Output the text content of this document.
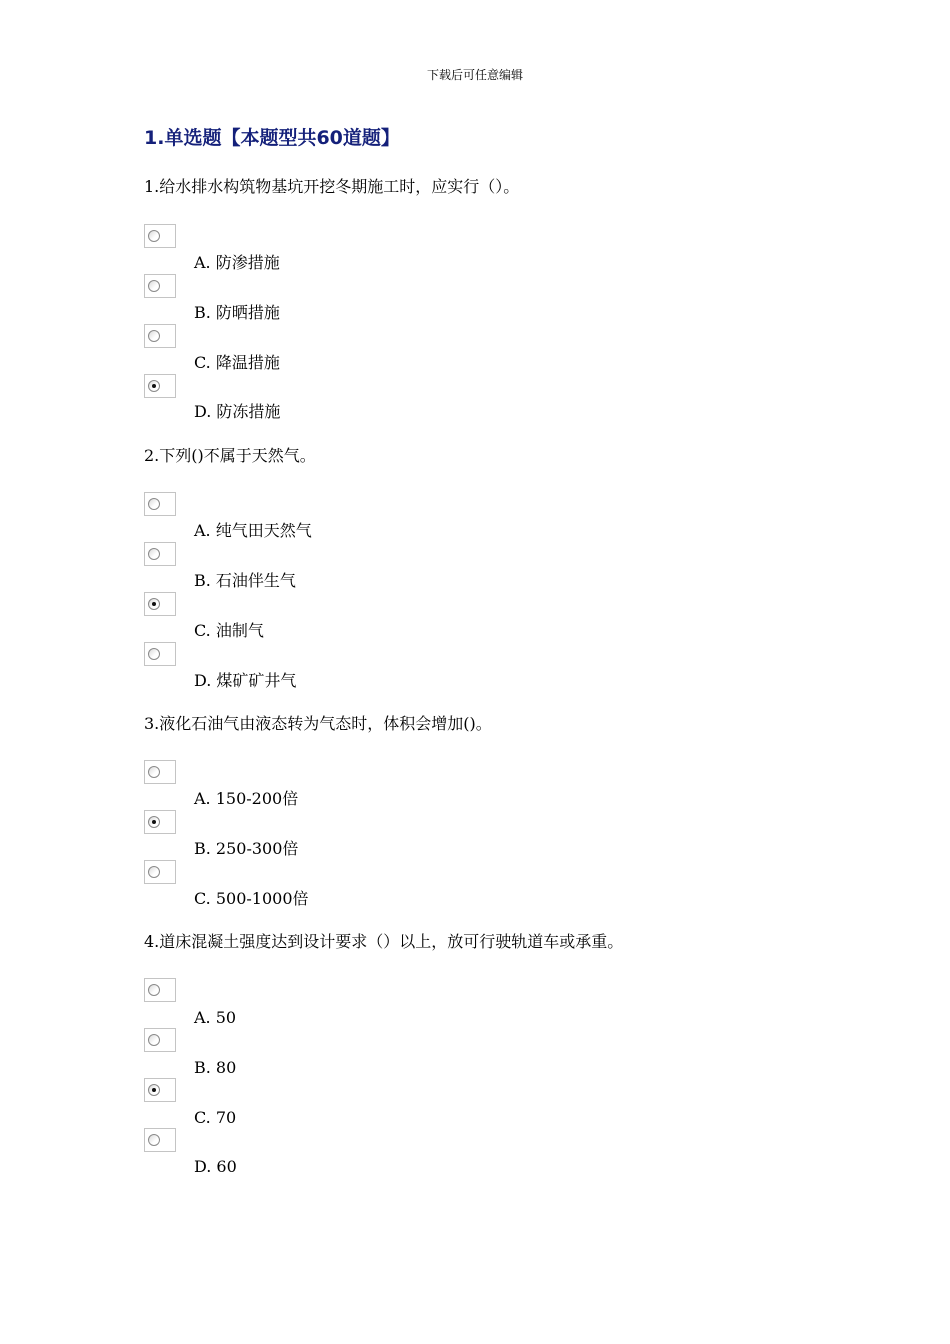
下载后可任意编辑
1.单选题【本题型共60道题】
1.给水排水构筑物基坑开挖冬期施工时，应实行（）。
A. 防渗措施
B. 防晒措施
C. 降温措施
D. 防冻措施
2.下列()不属于天然气。
A. 纯气田天然气
B. 石油伴生气
C. 油制气
D. 煤矿矿井气
3.液化石油气由液态转为气态时，体积会增加()。
A. 150-200倍
B. 250-300倍
C. 500-1000倍
4.道床混凝土强度达到设计要求（）以上，放可行驶轨道车或承重。
A. 50
B. 80
C. 70
D. 60
